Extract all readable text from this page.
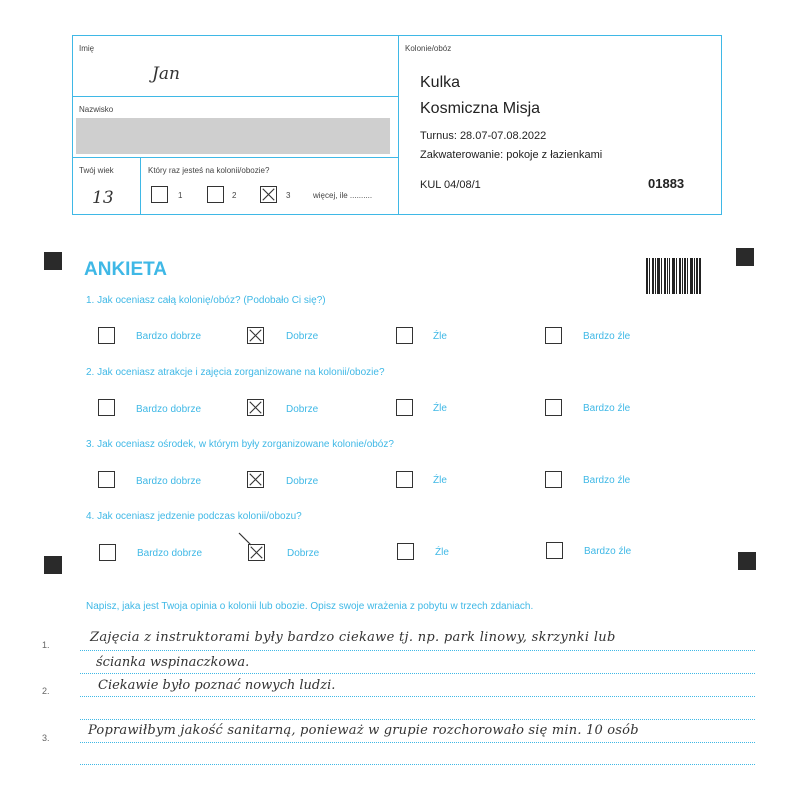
Imię
Jan
Nazwisko
Twój wiek
13
Który raz jesteś na kolonii/obozie?
1	2	3	więcej, ile ..........
Kolonie/obóz
Kulka
Kosmiczna Misja
Turnus: 28.07-07.08.2022
Zakwaterowanie: pokoje z łazienkami
KUL 04/08/1	01883
ANKIETA
1. Jak oceniasz całą kolonię/obóz? (Podobało Ci się?)
Bardzo dobrze	Dobrze	Źle	Bardzo źle
2. Jak oceniasz atrakcje i zajęcia zorganizowane na kolonii/obozie?
Bardzo dobrze	Dobrze	Źle	Bardzo źle
3. Jak oceniasz ośrodek, w którym były zorganizowane kolonie/obóz?
Bardzo dobrze	Dobrze	Źle	Bardzo źle
4. Jak oceniasz jedzenie podczas kolonii/obozu?
Bardzo dobrze	Dobrze	Źle	Bardzo źle
Napisz, jaka jest Twoja opinia o kolonii lub obozie. Opisz swoje wrażenia z pobytu w trzech zdaniach.
1.
2.
3.
Zajęcia z instruktorami były bardzo ciekawe tj. np. park linowy, skrzynki lub
ścianka wspinaczkowa.
Ciekawie było poznać nowych ludzi.
Poprawiłbym jakość sanitarną, ponieważ w grupie rozchorowało się min. 10 osób
